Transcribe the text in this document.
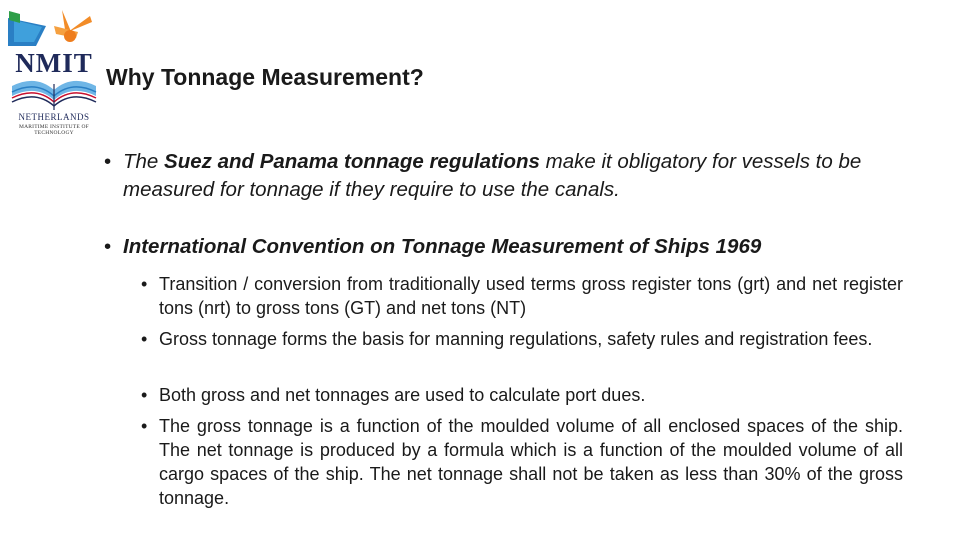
NMIT
NETHERLANDS
MARITIME INSTITUTE OF TECHNOLOGY
Why Tonnage Measurement?
• The Suez and Panama tonnage regulations make it obligatory for vessels to be measured for tonnage if they require to use the canals.
• International Convention on Tonnage Measurement of Ships 1969
• Transition / conversion from traditionally used terms gross register tons (grt) and net register tons (nrt) to gross tons (GT) and net tons (NT)
• Gross tonnage forms the basis for manning regulations, safety rules and registration fees.
• Both gross and net tonnages are used to calculate port dues.
• The gross tonnage is a function of the moulded volume of all enclosed spaces of the ship. The net tonnage is produced by a formula which is a function of the moulded volume of all cargo spaces of the ship. The net tonnage shall not be taken as less than 30% of the gross tonnage.
